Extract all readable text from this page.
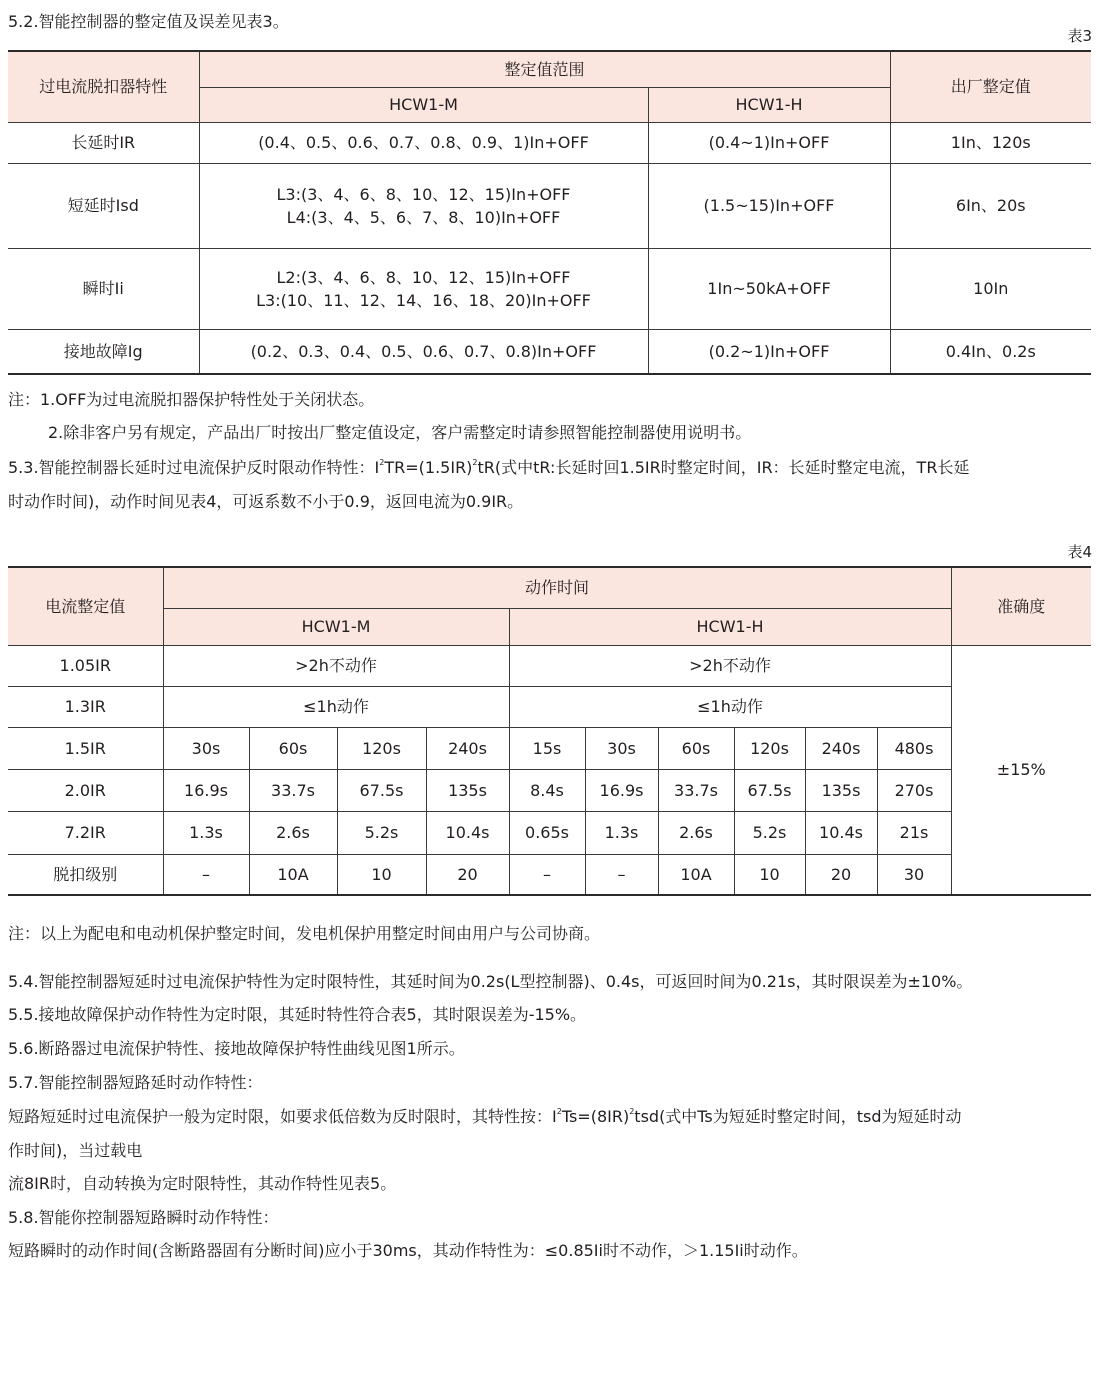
5.2.智能控制器的整定值及误差见表3。
表3
过电流脱扣器特性	整定值范围		出厂整定值
	HCW1-M	HCW1-H	
长延时IR	(0.4、0.5、0.6、0.7、0.8、0.9、1)In+OFF	(0.4~1)In+OFF	1In、120s
短延时Isd	L3:(3、4、6、8、10、12、15)In+OFF
L4:(3、4、5、6、7、8、10)In+OFF	(1.5~15)In+OFF	6In、20s
瞬时Ii	L2:(3、4、6、8、10、12、15)In+OFF
L3:(10、11、12、14、16、18、20)In+OFF	1In~50kA+OFF	10In
接地故障Ig	(0.2、0.3、0.4、0.5、0.6、0.7、0.8)In+OFF	(0.2~1)In+OFF	0.4In、0.2s
注：1.OFF为过电流脱扣器保护特性处于关闭状态。
2.除非客户另有规定，产品出厂时按出厂整定值设定，客户需整定时请参照智能控制器使用说明书。
5.3.智能控制器长延时过电流保护反时限动作特性：$I^2TR=(1.5IR)^2tR$(式中tR:长延时回1.5IR时整定时间，IR：长延时整定电流，TR长延
时动作时间)，动作时间见表4，可返系数不小于0.9，返回电流为0.9IR。
表4
电流整定值	动作时间										准确度	
	HCW1-M				HCW1-H							
1.05IR	>2h不动作				>2h不动作						±15%	
1.3IR	≤1h动作				≤1h动作							
1.5IR	30s	60s	120s	240s	15s	30s	60s	120s	240s	480s		
2.0IR	16.9s	33.7s	67.5s	135s	8.4s	16.9s	33.7s	67.5s	135s	270s		
7.2IR	1.3s	2.6s	5.2s	10.4s	0.65s	1.3s	2.6s	5.2s	10.4s	21s		
脱扣级别	–	10A	10	20	–	–	10A	10	20	30		
注：以上为配电和电动机保护整定时间，发电机保护用整定时间由用户与公司协商。
5.4.智能控制器短延时过电流保护特性为定时限特性，其延时间为0.2s(L型控制器)、0.4s，可返回时间为0.21s，其时限误差为±10%。
5.5.接地故障保护动作特性为定时限，其延时特性符合表5，其时限误差为-15%。
5.6.断路器过电流保护特性、接地故障保护特性曲线见图1所示。
5.7.智能控制器短路延时动作特性：
短路短延时过电流保护一般为定时限，如要求低倍数为反时限时，其特性按：$I^2Ts=(8IR)^2tsd$(式中Ts为短延时整定时间，tsd为短延时动
作时间)，当过载电
流8IR时，自动转换为定时限特性，其动作特性见表5。
5.8.智能你控制器短路瞬时动作特性：
短路瞬时的动作时间(含断路器固有分断时间)应小于30ms，其动作特性为：≤0.85Ii时不动作，＞1.15Ii时动作。
